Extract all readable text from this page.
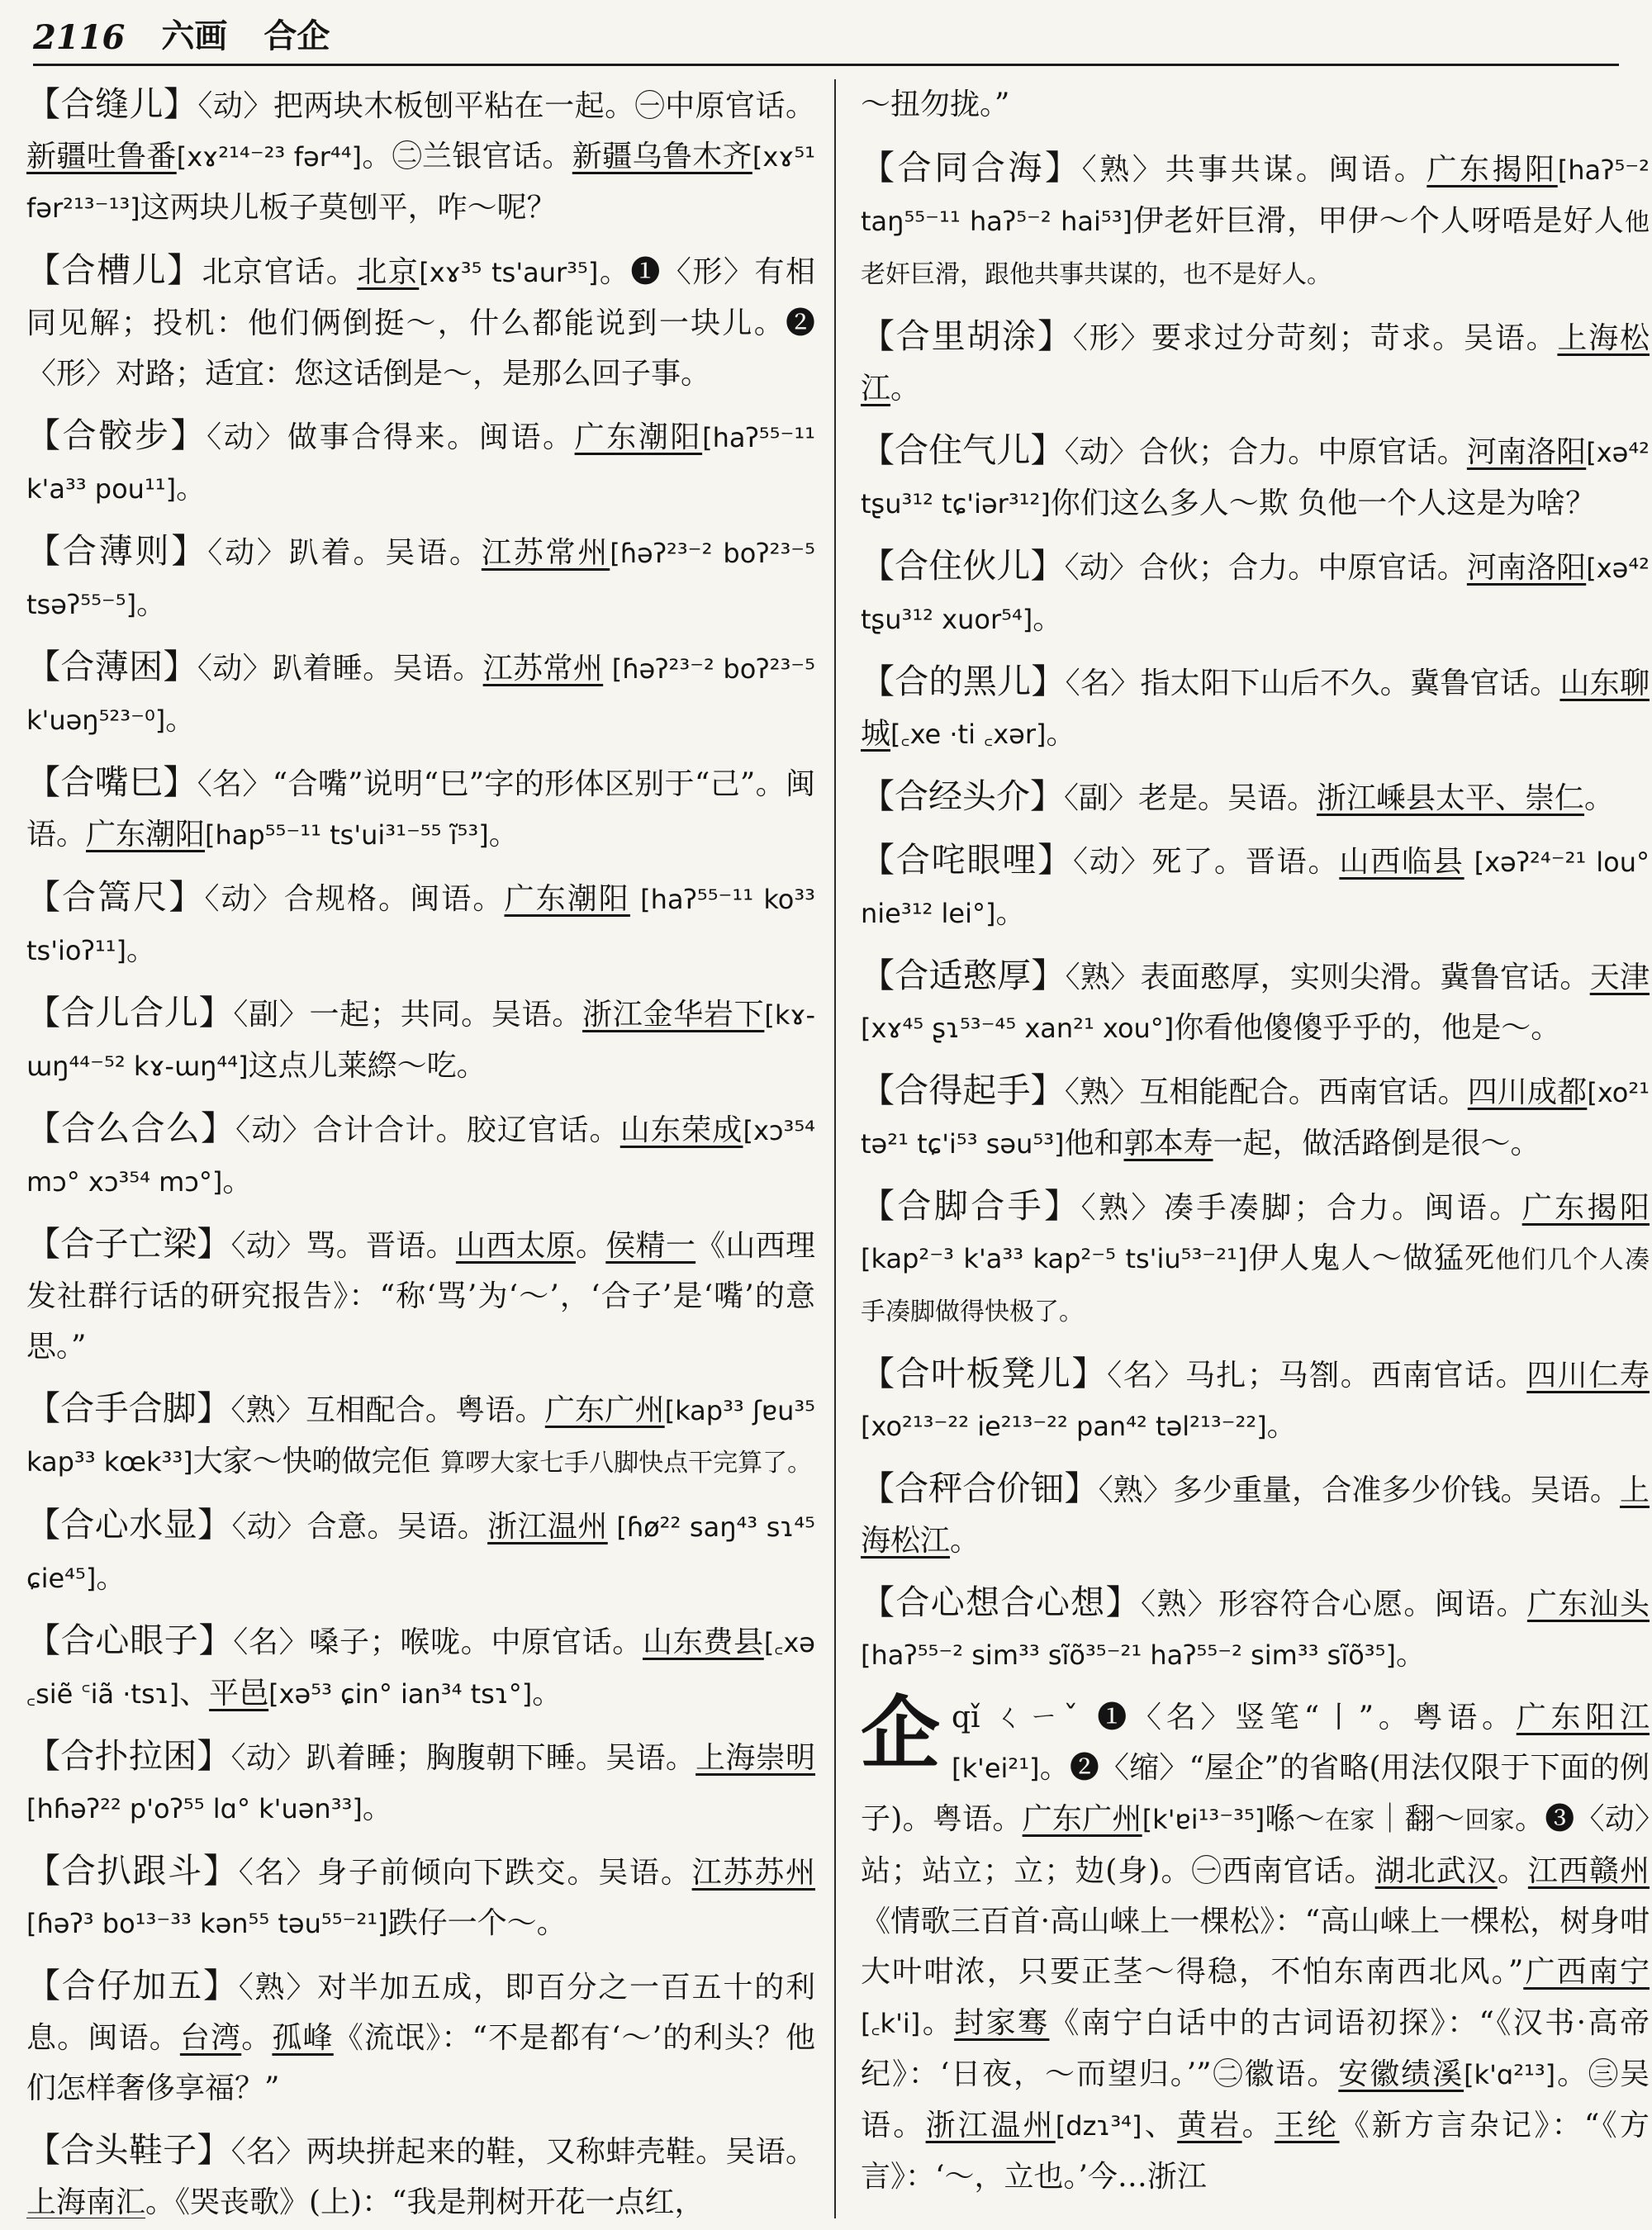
2116 六画 合企
【合缝儿】〈动〉把两块木板刨平粘在一起。㊀中原官话。新疆吐鲁番[xɤ²¹⁴⁻²³ fər⁴⁴]。㊁兰银官话。新疆乌鲁木齐[xɤ⁵¹ fər²¹³⁻¹³]这两块儿板子莫刨平，咋～呢？
【合槽儿】北京官话。北京[xɤ³⁵ ts'aur³⁵]。❶〈形〉有相同见解；投机：他们俩倒挺～，什么都能说到一块儿。❷〈形〉对路；适宜：您这话倒是～，是那么回子事。
【合骹步】〈动〉做事合得来。闽语。广东潮阳[haʔ⁵⁵⁻¹¹ k'a³³ pou¹¹]。
【合薄则】〈动〉趴着。吴语。江苏常州[ɦəʔ²³⁻² boʔ²³⁻⁵ tsəʔ⁵⁵⁻⁵]。
【合薄困】〈动〉趴着睡。吴语。江苏常州 [ɦəʔ²³⁻² boʔ²³⁻⁵ k'uəŋ⁵²³⁻⁰]。
【合嘴巳】〈名〉“合嘴”说明“巳”字的形体区别于“己”。闽语。广东潮阳[hap⁵⁵⁻¹¹ ts'ui³¹⁻⁵⁵ ĩ⁵³]。
【合篙尺】〈动〉合规格。闽语。广东潮阳 [haʔ⁵⁵⁻¹¹ ko³³ ts'ioʔ¹¹]。
【合儿合儿】〈副〉一起；共同。吴语。浙江金华岩下[kɤ-ɯŋ⁴⁴⁻⁵² kɤ-ɯŋ⁴⁴]这点儿莱縩～吃。
【合么合么】〈动〉合计合计。胶辽官话。山东荣成[xɔ³⁵⁴ mɔ° xɔ³⁵⁴ mɔ°]。
【合子亡梁】〈动〉骂。晋语。山西太原。侯精一《山西理发社群行话的研究报告》：“称‘骂’为‘～’，‘合子’是‘嘴’的意思。”
【合手合脚】〈熟〉互相配合。粤语。广东广州[kap³³ ʃɐu³⁵ kap³³ kœk³³]大家～快啲做完佢 算啰大家七手八脚快点干完算了。
【合心水显】〈动〉合意。吴语。浙江温州 [ɦø²² saŋ⁴³ sɿ⁴⁵ ɕie⁴⁵]。
【合心眼子】〈名〉嗓子；喉咙。中原官话。山东费县[꜀xə ꜀siẽ ꜂iã ·tsɿ]、平邑[xə⁵³ ɕin° ian³⁴ tsɿ°]。
【合扑拉困】〈动〉趴着睡；胸腹朝下睡。吴语。上海崇明[hɦəʔ²² p'oʔ⁵⁵ lɑ° k'uən³³]。
【合扒跟斗】〈名〉身子前倾向下跌交。吴语。江苏苏州[ɦəʔ³ bo¹³⁻³³ kən⁵⁵ təu⁵⁵⁻²¹]跌仔一个～。
【合仔加五】〈熟〉对半加五成，即百分之一百五十的利息。闽语。台湾。孤峰《流氓》：“不是都有‘～’的利头？他们怎样奢侈享福？”
【合头鞋子】〈名〉两块拼起来的鞋，又称蚌壳鞋。吴语。上海南汇。《哭丧歌》(上)：“我是荆树开花一点红，
～扭勿拢。”
【合同合海】〈熟〉共事共谋。闽语。广东揭阳[haʔ⁵⁻² taŋ⁵⁵⁻¹¹ haʔ⁵⁻² hai⁵³]伊老奸巨滑，甲伊～个人呀唔是好人他老奸巨滑，跟他共事共谋的，也不是好人。
【合里胡涂】〈形〉要求过分苛刻；苛求。吴语。上海松江。
【合住气儿】〈动〉合伙；合力。中原官话。河南洛阳[xə⁴² tʂu³¹² tɕ'iər³¹²]你们这么多人～欺 负他一个人这是为啥？
【合住伙儿】〈动〉合伙；合力。中原官话。河南洛阳[xə⁴² tʂu³¹² xuor⁵⁴]。
【合的黑儿】〈名〉指太阳下山后不久。冀鲁官话。山东聊城[꜀xe ·ti ꜀xər]。
【合经头介】〈副〉老是。吴语。浙江嵊县太平、崇仁。
【合咤眼哩】〈动〉死了。晋语。山西临县 [xəʔ²⁴⁻²¹ lou° nie³¹² lei°]。
【合适憨厚】〈熟〉表面憨厚，实则尖滑。冀鲁官话。天津[xɤ⁴⁵ ʂɿ⁵³⁻⁴⁵ xan²¹ xou°]你看他傻傻乎乎的，他是～。
【合得起手】〈熟〉互相能配合。西南官话。四川成都[xo²¹ tə²¹ tɕ'i⁵³ səu⁵³]他和郭本寿一起，做活路倒是很～。
【合脚合手】〈熟〉凑手凑脚；合力。闽语。广东揭阳[kap²⁻³ k'a³³ kap²⁻⁵ ts'iu⁵³⁻²¹]伊人鬼人～做猛死他们几个人凑手凑脚做得快极了。
【合叶板凳儿】〈名〉马扎；马劄。西南官话。四川仁寿[xo²¹³⁻²² ie²¹³⁻²² pan⁴² təl²¹³⁻²²]。
【合秤合价钿】〈熟〉多少重量，合准多少价钱。吴语。上海松江。
【合心想合心想】〈熟〉形容符合心愿。闽语。广东汕头[haʔ⁵⁵⁻² sim³³ sĩõ³⁵⁻²¹ haʔ⁵⁵⁻² sim³³ sĩõ³⁵]。
企 qǐ ㄑㄧˇ ❶〈名〉竖笔“丨”。粤语。广东阳江[k'ei²¹]。❷〈缩〉“屋企”的省略(用法仅限于下面的例子)。粤语。广东广州[k'ɐi¹³⁻³⁵]喺～在家｜翻～回家。❸〈动〉站；站立；立；攰(身)。㊀西南官话。湖北武汉。江西赣州《情歌三百首·高山崃上一棵松》：“高山崃上一棵松，树身咁大叶咁浓，只要正茎～得稳，不怕东南西北风。”广西南宁 [꜀k'i]。封家骞《南宁白话中的古词语初探》：“《汉书·高帝纪》：‘日夜，～而望归。’”㊁徽语。安徽绩溪[k'ɑ²¹³]。㊂吴语。浙江温州[dzɿ³⁴]、黄岩。王纶《新方言杂记》：“《方言》：‘～，立也。’今…浙江
